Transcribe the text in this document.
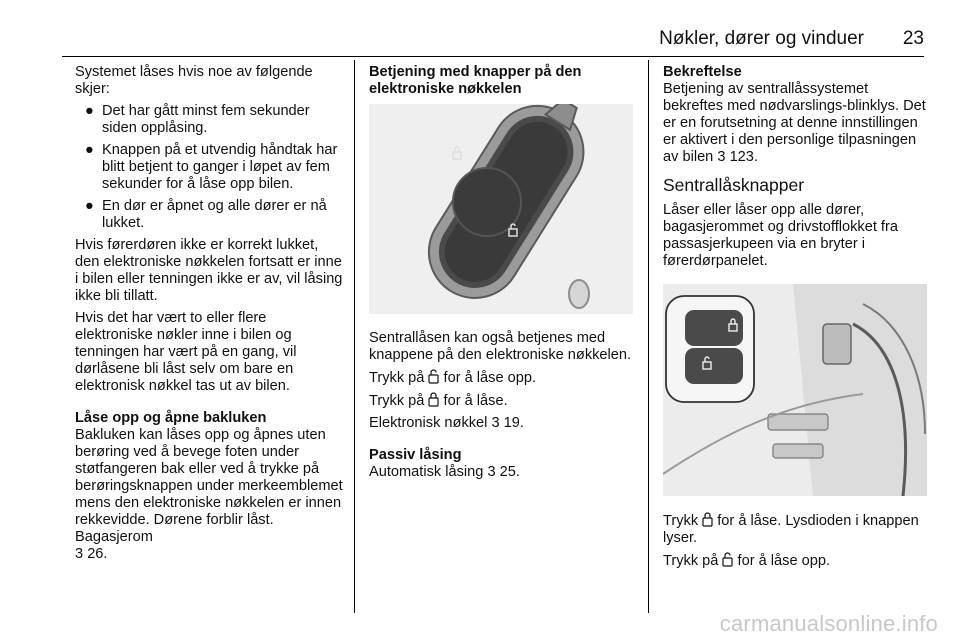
Nøkler, dører og vinduer 23

Systemet låses hvis noe av følgende skjer:

● Det har gått minst fem sekunder siden opplåsing.
● Knappen på et utvendig håndtak har blitt betjent to ganger i løpet av fem sekunder for å låse opp bilen.
● En dør er åpnet og alle dører er nå lukket.

Hvis førerdøren ikke er korrekt lukket, den elektroniske nøkkelen fortsatt er inne i bilen eller tenningen ikke er av, vil låsing ikke bli tillatt.

Hvis det har vært to eller flere elektroniske nøkler inne i bilen og tenningen har vært på en gang, vil dørlåsene bli låst selv om bare en elektronisk nøkkel tas ut av bilen.

Låse opp og åpne bakluken

Bakluken kan låses opp og åpnes uten berøring ved å bevege foten under støtfangeren bak eller ved å trykke på berøringsknappen under merkeemblemet mens den elektroniske nøkkelen er innen rekkevidde. Dørene forblir låst. Bagasjerom
3 26.

Betjening med knapper på den elektroniske nøkkelen

Sentrallåsen kan også betjenes med knappene på den elektroniske nøkkelen.

Trykk på for å låse opp.

Trykk på for å låse.

Elektronisk nøkkel 3 19.

Passiv låsing

Automatisk låsing 3 25.

Bekreftelse

Betjening av sentrallåssystemet bekreftes med nødvarslings-blinklys. Det er en forutsetning at denne innstillingen er aktivert i den personlige tilpasningen av bilen 3 123.

Sentrallåsknapper

Låser eller låser opp alle dører, bagasjerommet og drivstofflokket fra passasjerkupeen via en bryter i førerdørpanelet.

Trykk for å låse. Lysdioden i knappen lyser.

Trykk på for å låse opp.

carmanualsonline.info
